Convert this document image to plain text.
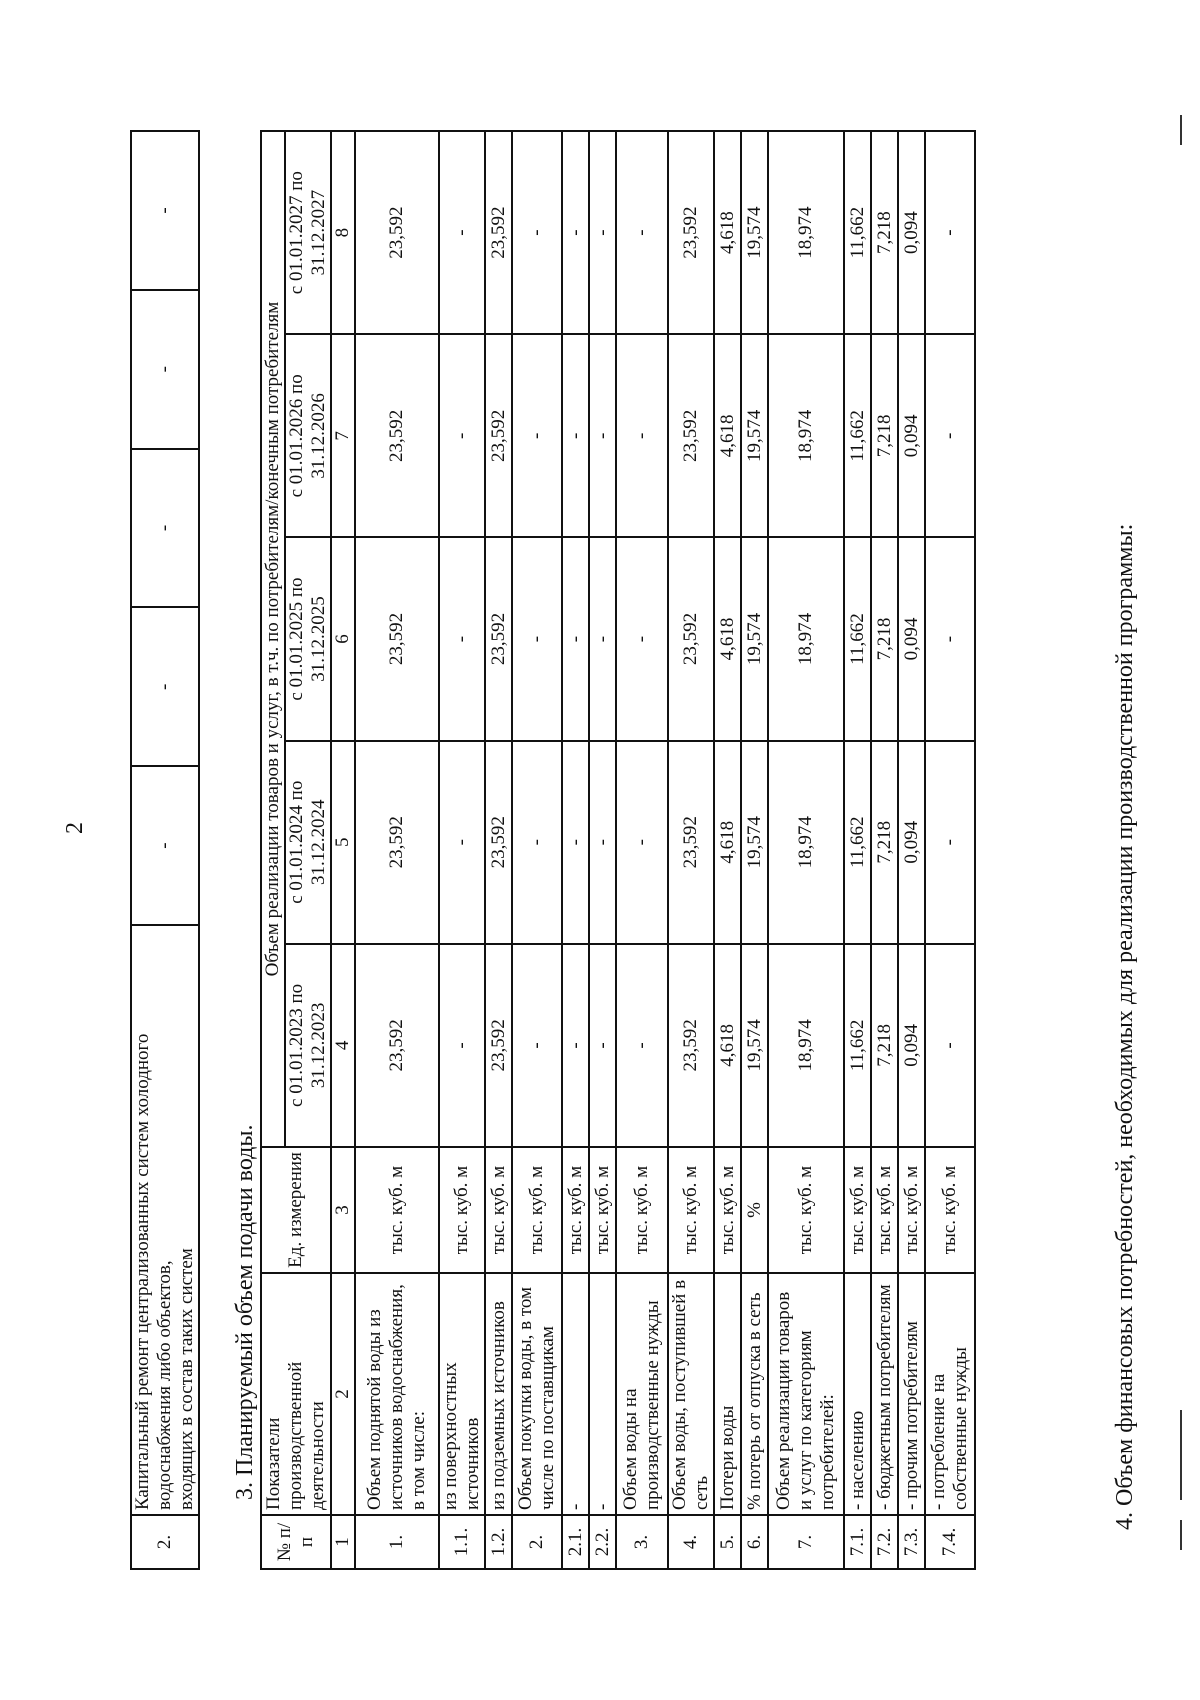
2
2.	Капитальный ремонт централизованных систем холодного водоснабжения либо объектов,
входящих в состав таких систем	-	-	-	-	-
3. Планируемый объем подачи воды.
№ п/п	Показатели производственной деятельности	Ед. измерения	Объем реализации товаров и услуг, в т.ч. по потребителям/конечным потребителям				
			с 01.01.2023 по 31.12.2023	с 01.01.2024 по 31.12.2024	с 01.01.2025 по 31.12.2025	с 01.01.2026 по 31.12.2026	с 01.01.2027 по 31.12.2027
1	2	3	4	5	6	7	8
1.	Объем поднятой воды из источников водоснабжения, в том числе:	тыс. куб. м	23,592	23,592	23,592	23,592	23,592
1.1.	из поверхностных источников	тыс. куб. м	-	-	-	-	-
1.2.	из подземных источников	тыс. куб. м	23,592	23,592	23,592	23,592	23,592
2.	Объем покупки воды, в том числе по поставщикам	тыс. куб. м	-	-	-	-	-
2.1.	-	тыс. куб. м	-	-	-	-	-
2.2.	-	тыс. куб. м	-	-	-	-	-
3.	Объем воды на производственные нужды	тыс. куб. м	-	-	-	-	-
4.	Объем воды, поступившей в сеть	тыс. куб. м	23,592	23,592	23,592	23,592	23,592
5.	Потери воды	тыс. куб. м	4,618	4,618	4,618	4,618	4,618
6.	% потерь от отпуска в сеть	%	19,574	19,574	19,574	19,574	19,574
7.	Объем реализации товаров и услуг по категориям потребителей:	тыс. куб. м	18,974	18,974	18,974	18,974	18,974
7.1.	- населению	тыс. куб. м	11,662	11,662	11,662	11,662	11,662
7.2.	- бюджетным потребителям	тыс. куб. м	7,218	7,218	7,218	7,218	7,218
7.3.	- прочим потребителям	тыс. куб. м	0,094	0,094	0,094	0,094	0,094
7.4.	- потребление на собственные нужды	тыс. куб. м	-	-	-	-	-
4. Объем финансовых потребностей, необходимых для реализации производственной программы:
